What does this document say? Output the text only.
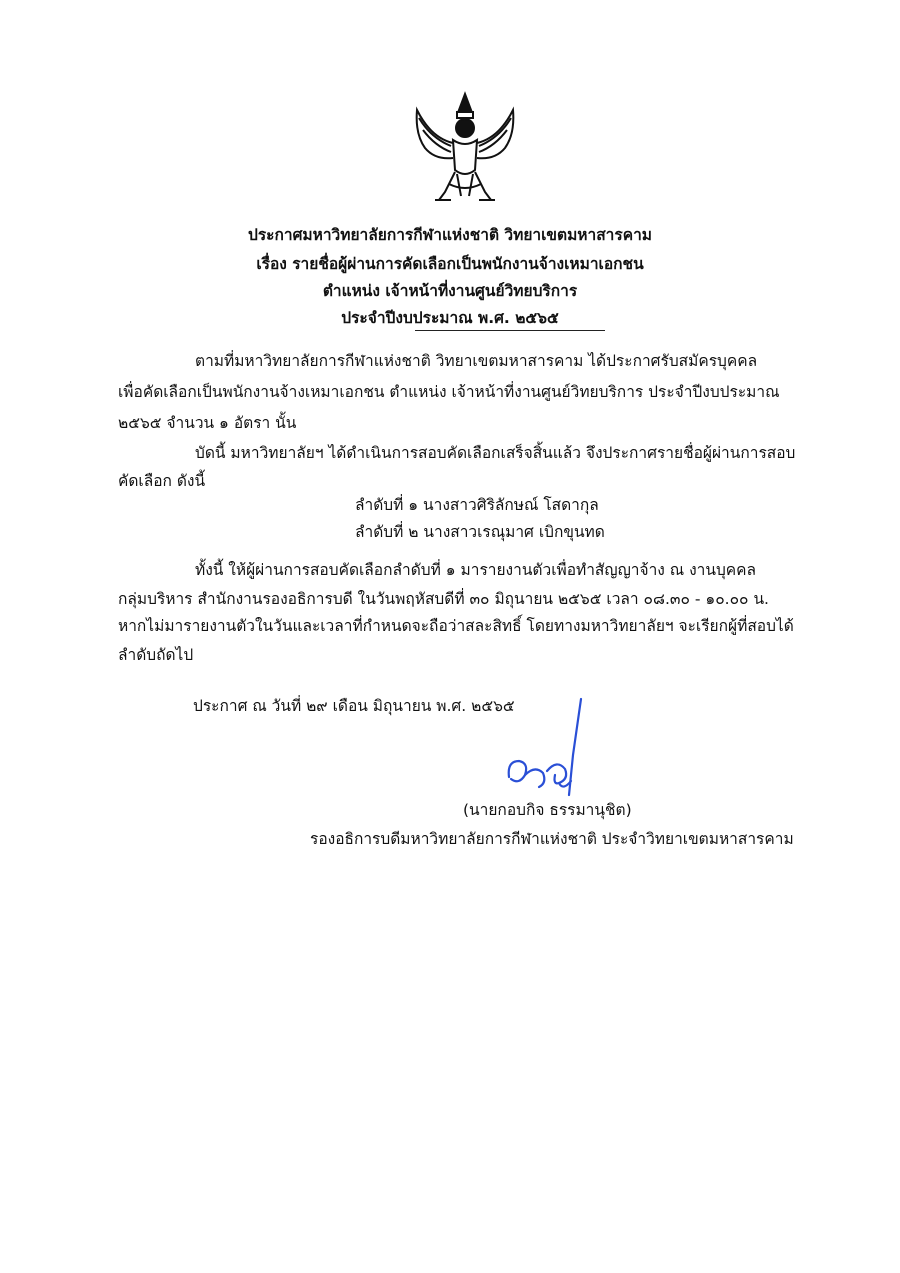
ประกาศมหาวิทยาลัยการกีฬาแห่งชาติ วิทยาเขตมหาสารคาม
เรื่อง รายชื่อผู้ผ่านการคัดเลือกเป็นพนักงานจ้างเหมาเอกชน
ตำแหน่ง เจ้าหน้าที่งานศูนย์วิทยบริการ
ประจำปีงบประมาณ พ.ศ. ๒๕๖๕
ตามที่มหาวิทยาลัยการกีฬาแห่งชาติ วิทยาเขตมหาสารคาม ได้ประกาศรับสมัครบุคคล
เพื่อคัดเลือกเป็นพนักงานจ้างเหมาเอกชน ตำแหน่ง เจ้าหน้าที่งานศูนย์วิทยบริการ ประจำปีงบประมาณ
๒๕๖๕ จำนวน ๑ อัตรา นั้น
บัดนี้ มหาวิทยาลัยฯ ได้ดำเนินการสอบคัดเลือกเสร็จสิ้นแล้ว จึงประกาศรายชื่อผู้ผ่านการสอบ
คัดเลือก ดังนี้
ลำดับที่ ๑ นางสาวศิริลักษณ์ โสดากุล
ลำดับที่ ๒ นางสาวเรณุมาศ เบิกขุนทด
ทั้งนี้ ให้ผู้ผ่านการสอบคัดเลือกลำดับที่ ๑ มารายงานตัวเพื่อทำสัญญาจ้าง ณ งานบุคคล
กลุ่มบริหาร สำนักงานรองอธิการบดี ในวันพฤหัสบดีที่ ๓๐ มิถุนายน ๒๕๖๕ เวลา ๐๘.๓๐ - ๑๐.๐๐ น.
หากไม่มารายงานตัวในวันและเวลาที่กำหนดจะถือว่าสละสิทธิ์ โดยทางมหาวิทยาลัยฯ จะเรียกผู้ที่สอบได้
ลำดับถัดไป
ประกาศ ณ วันที่ ๒๙ เดือน มิถุนายน พ.ศ. ๒๕๖๕
(นายกอบกิจ ธรรมานุชิต)
รองอธิการบดีมหาวิทยาลัยการกีฬาแห่งชาติ ประจำวิทยาเขตมหาสารคาม
